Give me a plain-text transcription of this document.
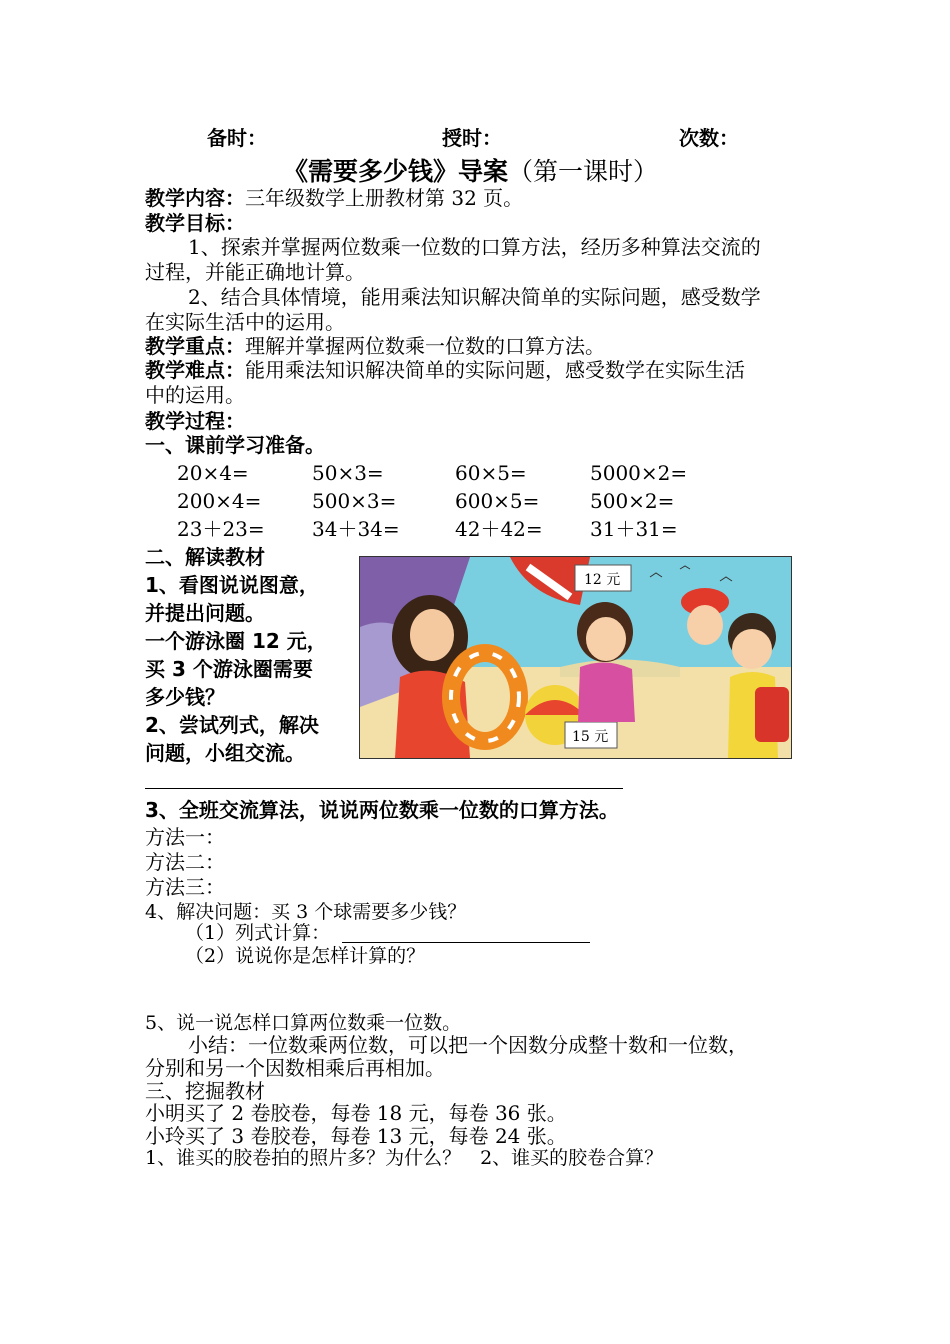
备时：	授时：	次数：
《需要多少钱》导案（第一课时）
教学内容：三年级数学上册教材第 32 页。
教学目标：
1、探索并掌握两位数乘一位数的口算方法，经历多种算法交流的
过程，并能正确地计算。
2、结合具体情境，能用乘法知识解决简单的实际问题，感受数学
在实际生活中的运用。
教学重点：理解并掌握两位数乘一位数的口算方法。
教学难点：能用乘法知识解决简单的实际问题，感受数学在实际生活
中的运用。
教学过程：
一、课前学习准备。
20×4=	50×3=	60×5=	5000×2=
200×4=	500×3=	600×5=	500×2=
23＋23= 34＋34=	42＋42= 31＋31=
二、解读教材
1、看图说说图意，
并提出问题。
一个游泳圈 12 元，
买 3 个游泳圈需要
多少钱？
2、尝试列式，解决
问题，小组交流。
12 元
15 元
3、全班交流算法，说说两位数乘一位数的口算方法。
方法一：
方法二：
方法三：
4、解决问题：买 3 个球需要多少钱？
（1）列式计算：
（2）说说你是怎样计算的？
5、说一说怎样口算两位数乘一位数。
小结：一位数乘两位数，可以把一个因数分成整十数和一位数，
分别和另一个因数相乘后再相加。
三、挖掘教材
小明买了 2 卷胶卷，每卷 18 元，每卷 36 张。
小玲买了 3 卷胶卷，每卷 13 元，每卷 24 张。
1、谁买的胶卷拍的照片多？为什么？　2、谁买的胶卷合算？
